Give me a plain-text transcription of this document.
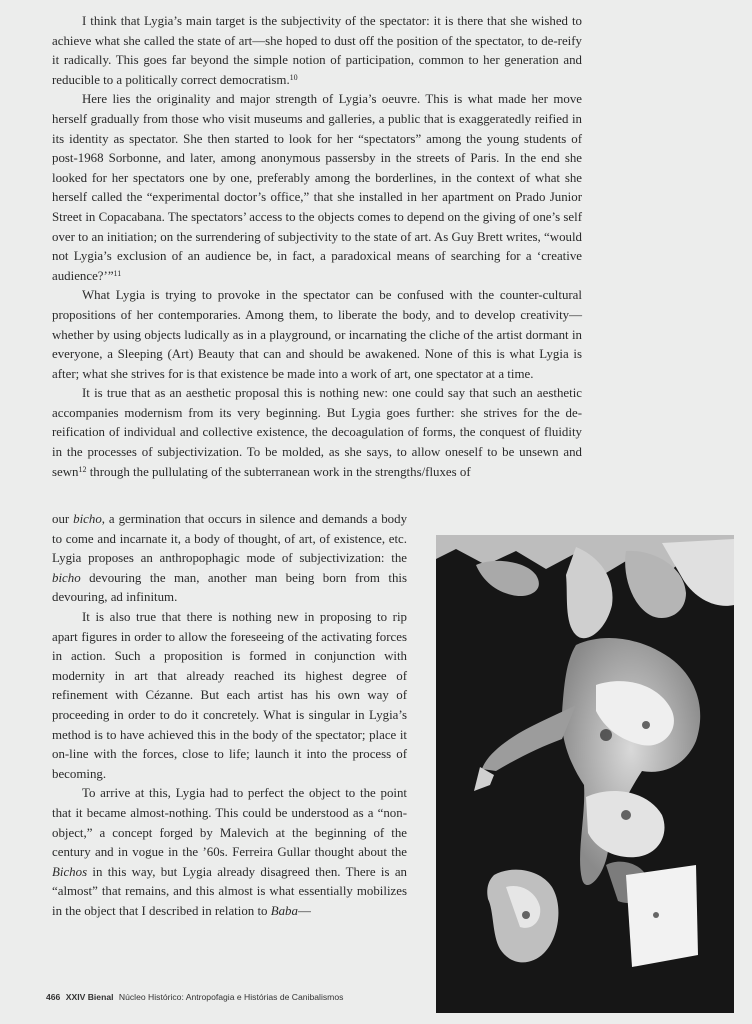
I think that Lygia’s main target is the subjectivity of the spectator: it is there that she wished to achieve what she called the state of art—she hoped to dust off the position of the spectator, to de-reify it radically. This goes far beyond the simple notion of participation, common to her generation and reducible to a politically correct democratism.$^{10}$

Here lies the originality and major strength of Lygia’s oeuvre. This is what made her move herself gradually from those who visit museums and galleries, a public that is exaggeratedly reified in its identity as spectator. She then started to look for her “spectators” among the young students of post-1968 Sorbonne, and later, among anonymous passersby in the streets of Paris. In the end she looked for her spectators one by one, preferably among the borderlines, in the context of what she herself called the “experimental doctor’s office,” that she installed in her apartment on Prado Junior Street in Copacabana. The spectators’ access to the objects comes to depend on the giving of one’s self over to an initiation; on the surrendering of subjectivity to the state of art. As Guy Brett writes, “would not Lygia’s exclusion of an audience be, in fact, a paradoxical means of searching for a ‘creative audience?’”$^{11}$

What Lygia is trying to provoke in the spectator can be confused with the counter-cultural propositions of her contemporaries. Among them, to liberate the body, and to develop creativity—whether by using objects ludically as in a playground, or incarnating the cliche of the artist dormant in everyone, a Sleeping (Art) Beauty that can and should be awakened. None of this is what Lygia is after; what she strives for is that existence be made into a work of art, one spectator at a time.

It is true that as an aesthetic proposal this is nothing new: one could say that such an aesthetic accompanies modernism from its very beginning. But Lygia goes further: she strives for the de-reification of individual and collective existence, the decoagulation of forms, the conquest of fluidity in the processes of subjectivization. To be molded, as she says, to allow oneself to be unsewn and sewn$^{12}$ through the pullulating of the subterranean work in the strengths/fluxes of

our bicho, a germination that occurs in silence and demands a body to come and incarnate it, a body of thought, of art, of existence, etc. Lygia proposes an anthropophagic mode of subjectivization: the bicho devouring the man, another man being born from this devouring, ad infinitum.

It is also true that there is nothing new in proposing to rip apart figures in order to allow the foreseeing of the activating forces in action. Such a proposition is formed in conjunction with modernity in art that already reached its highest degree of refinement with Cézanne. But each artist has his own way of proceeding in order to do it concretely. What is singular in Lygia’s method is to have achieved this in the body of the spectator; place it on-line with the forces, close to life; launch it into the process of becoming.

To arrive at this, Lygia had to perfect the object to the point that it became almost-nothing. This could be understood as a “non-object,” a concept forged by Malevich at the beginning of the century and in vogue in the ’60s. Ferreira Gullar thought about the Bichos in this way, but Lygia already disagreed then. There is an “almost” that remains, and this almost is what essentially mobilizes in the object that I described in relation to Baba—

466 XXIV Bienal Núcleo Histórico: Antropofagia e Histórias de Canibalismos
